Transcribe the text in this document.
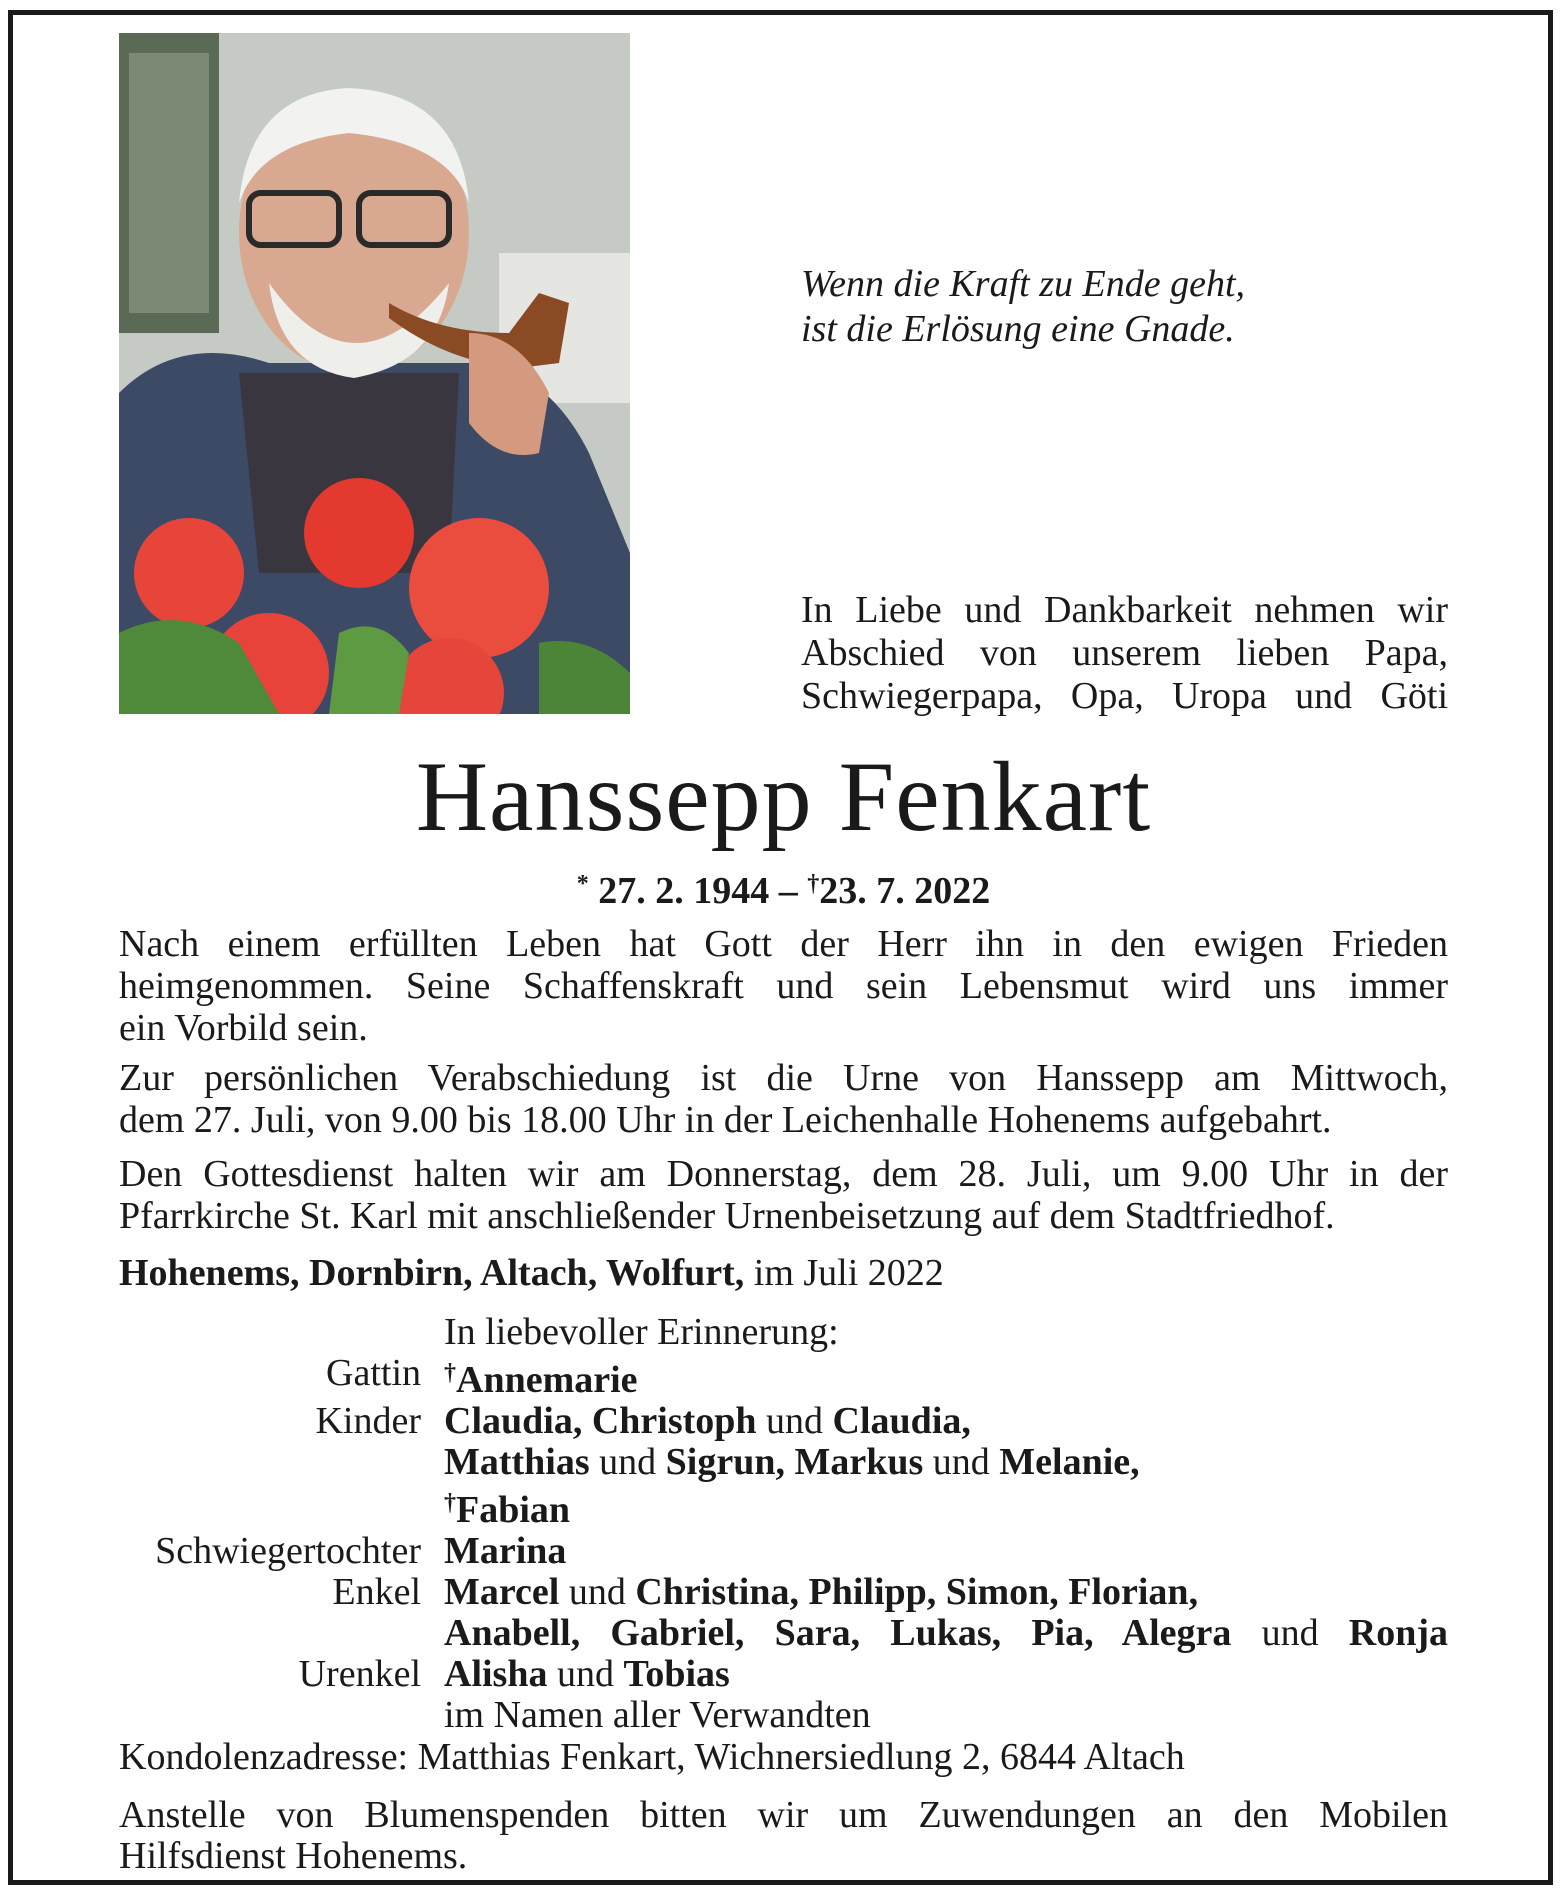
Wenn die Kraft zu Ende geht,
ist die Erlösung eine Gnade.
In Liebe und Dankbarkeit nehmen wir
Abschied von unserem lieben Papa,
Schwiegerpapa, Opa, Uropa und Göti
Hanssepp Fenkart
* 27. 2. 1944 – †23. 7. 2022
Nach einem erfüllten Leben hat Gott der Herr ihn in den ewigen Frieden
heimgenommen. Seine Schaffenskraft und sein Lebensmut wird uns immer
ein Vorbild sein.
Zur persönlichen Verabschiedung ist die Urne von Hanssepp am Mittwoch,
dem 27. Juli, von 9.00 bis 18.00 Uhr in der Leichenhalle Hohenems aufgebahrt.
Den Gottesdienst halten wir am Donnerstag, dem 28. Juli, um 9.00 Uhr in der
Pfarrkirche St. Karl mit anschließender Urnenbeisetzung auf dem Stadtfriedhof.
Hohenems, Dornbirn, Altach, Wolfurt, im Juli 2022
In liebevoller Erinnerung:
Gattin †Annemarie
Kinder Claudia, Christoph und Claudia,
Matthias und Sigrun, Markus und Melanie,
†Fabian
Schwiegertochter Marina
Enkel Marcel und Christina, Philipp, Simon, Florian,
Anabell, Gabriel, Sara, Lukas, Pia, Alegra und Ronja
Urenkel Alisha und Tobias
im Namen aller Verwandten
Kondolenzadresse: Matthias Fenkart, Wichnersiedlung 2, 6844 Altach
Anstelle von Blumenspenden bitten wir um Zuwendungen an den Mobilen
Hilfsdienst Hohenems.
